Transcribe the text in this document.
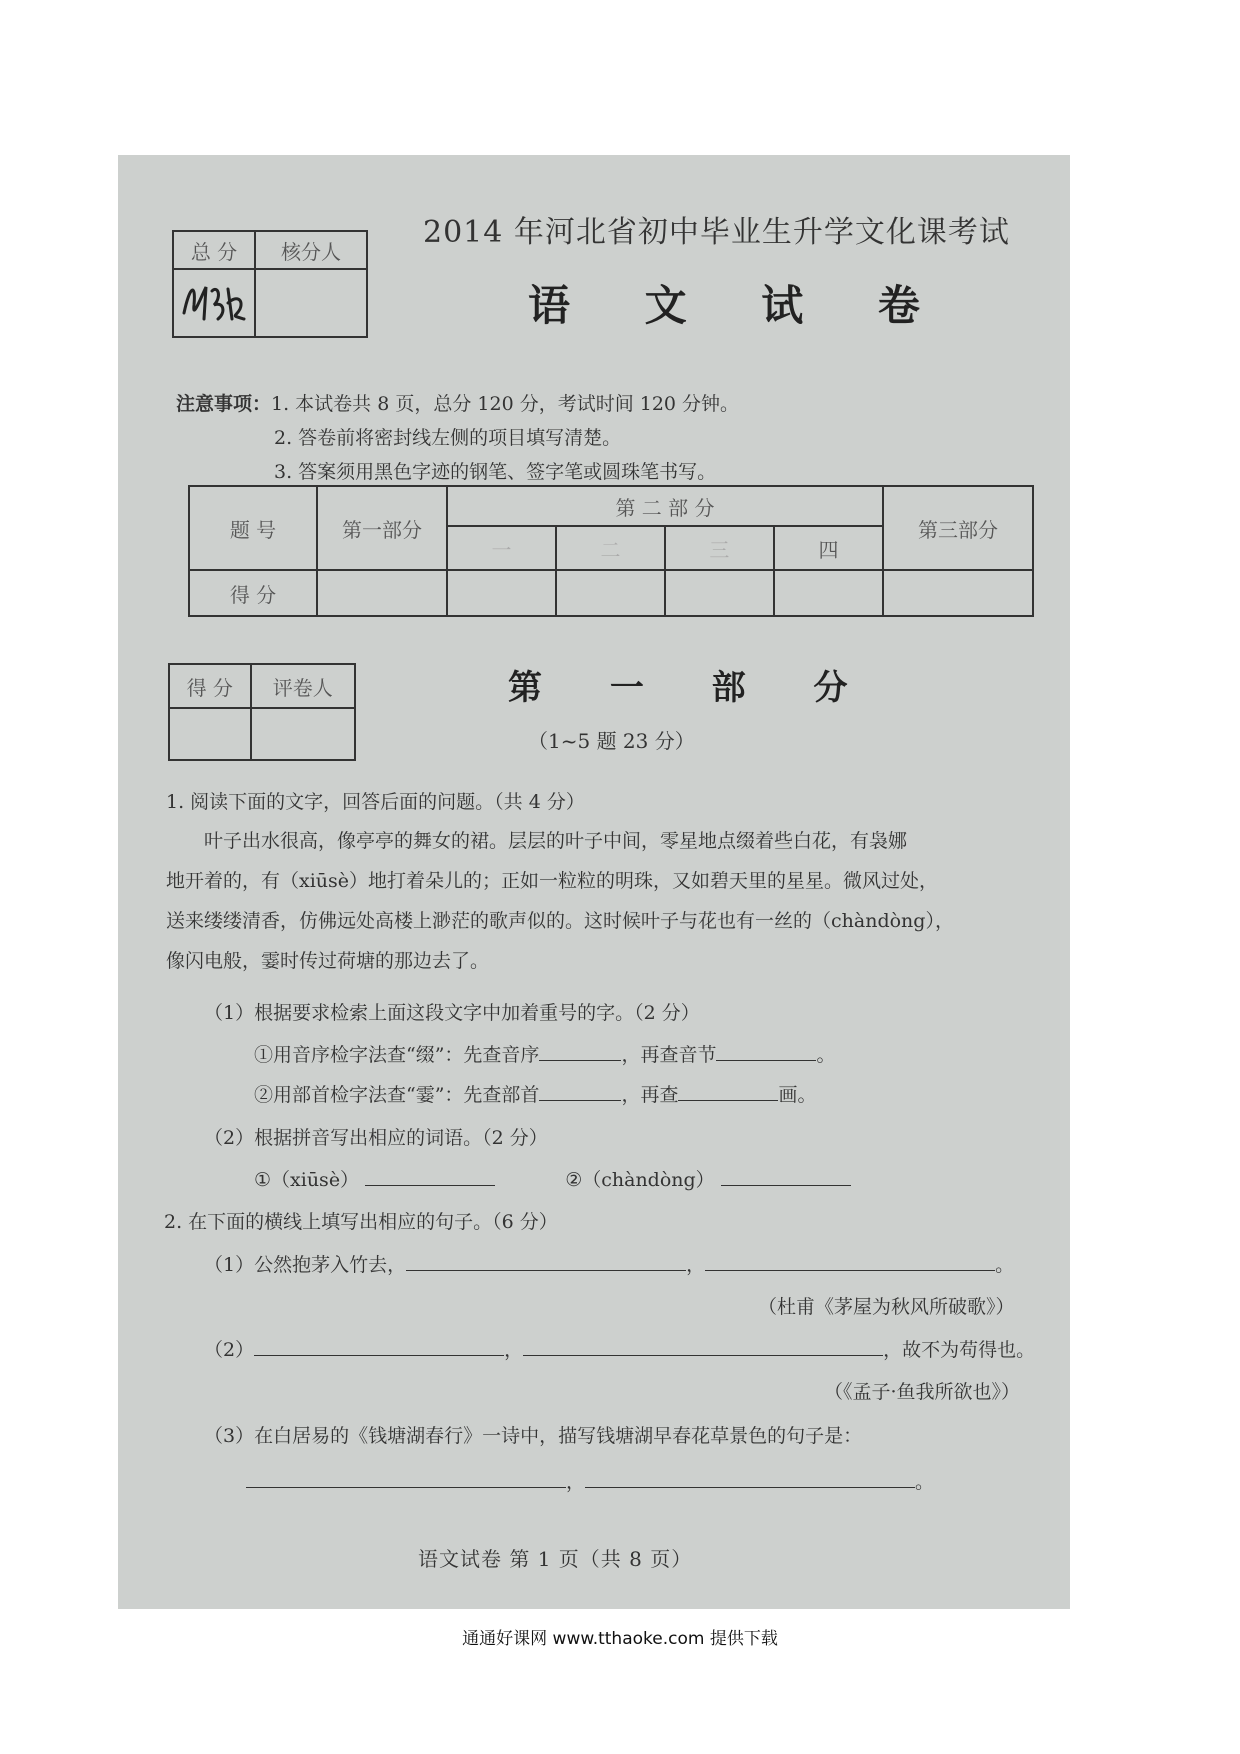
总 分	核分人

2014 年河北省初中毕业生升学文化课考试
语 文 试 卷
注意事项：1. 本试卷共 8 页，总分 120 分，考试时间 120 分钟。
2. 答卷前将密封线左侧的项目填写清楚。
3. 答案须用黑色字迹的钢笔、签字笔或圆珠笔书写。
题 号	第一部分	第 二 部 分				第三部分
		一	二	三	四	
得 分						
得 分	评卷人
		第 一 部 分
（1~5 题 23 分）
1. 阅读下面的文字，回答后面的问题。（共 4 分）
叶子出水很高，像亭亭的舞女的裙。层层的叶子中间，零星地点缀着些白花，有袅娜
地开着的，有（xiūsè）地打着朵儿的；正如一粒粒的明珠，又如碧天里的星星。微风过处，
送来缕缕清香，仿佛远处高楼上渺茫的歌声似的。这时候叶子与花也有一丝的（chàndòng），
像闪电般，霎时传过荷塘的那边去了。
（1）根据要求检索上面这段文字中加着重号的字。（2 分）
①用音序检字法查“缀”：先查音序	，再查音节	。
②用部首检字法查“霎”：先查部首	，再查	画。
（2）根据拼音写出相应的词语。（2 分）
①（xiūsè）	②（chàndòng）
2. 在下面的横线上填写出相应的句子。（6 分）
（1）公然抱茅入竹去，	，	。
（杜甫《茅屋为秋风所破歌》）
（2）	，	，故不为苟得也。
（《孟子·鱼我所欲也》）
（3）在白居易的《钱塘湖春行》一诗中，描写钱塘湖早春花草景色的句子是：
，	。
语文试卷 第 1 页（共 8 页）
通通好课网 www.tthaoke.com 提供下载
